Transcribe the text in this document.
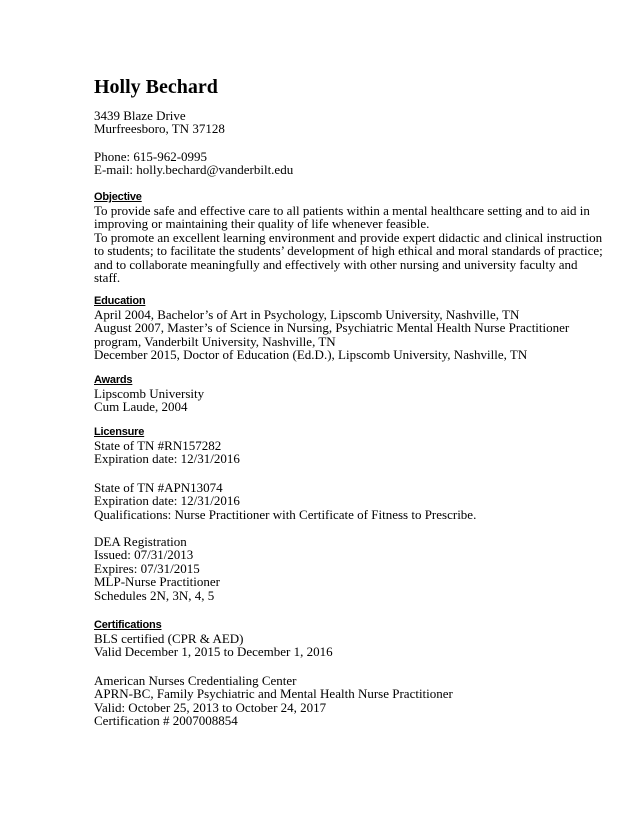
Holly Bechard
3439 Blaze Drive
Murfreesboro, TN 37128
Phone: 615-962-0995
E-mail: holly.bechard@vanderbilt.edu
Objective
To provide safe and effective care to all patients within a mental healthcare setting and to aid in
improving or maintaining their quality of life whenever feasible.
To promote an excellent learning environment and provide expert didactic and clinical instruction
to students; to facilitate the students’ development of high ethical and moral standards of practice;
and to collaborate meaningfully and effectively with other nursing and university faculty and
staff.
Education
April 2004, Bachelor’s of Art in Psychology, Lipscomb University, Nashville, TN
August 2007, Master’s of Science in Nursing, Psychiatric Mental Health Nurse Practitioner
program, Vanderbilt University, Nashville, TN
December 2015, Doctor of Education (Ed.D.), Lipscomb University, Nashville, TN
Awards
Lipscomb University
Cum Laude, 2004
Licensure
State of TN #RN157282
Expiration date: 12/31/2016
State of TN #APN13074
Expiration date: 12/31/2016
Qualifications: Nurse Practitioner with Certificate of Fitness to Prescribe.
DEA Registration
Issued: 07/31/2013
Expires: 07/31/2015
MLP-Nurse Practitioner
Schedules 2N, 3N, 4, 5
Certifications
BLS certified (CPR & AED)
Valid December 1, 2015 to December 1, 2016
American Nurses Credentialing Center
APRN-BC, Family Psychiatric and Mental Health Nurse Practitioner
Valid: October 25, 2013 to October 24, 2017
Certification # 2007008854
